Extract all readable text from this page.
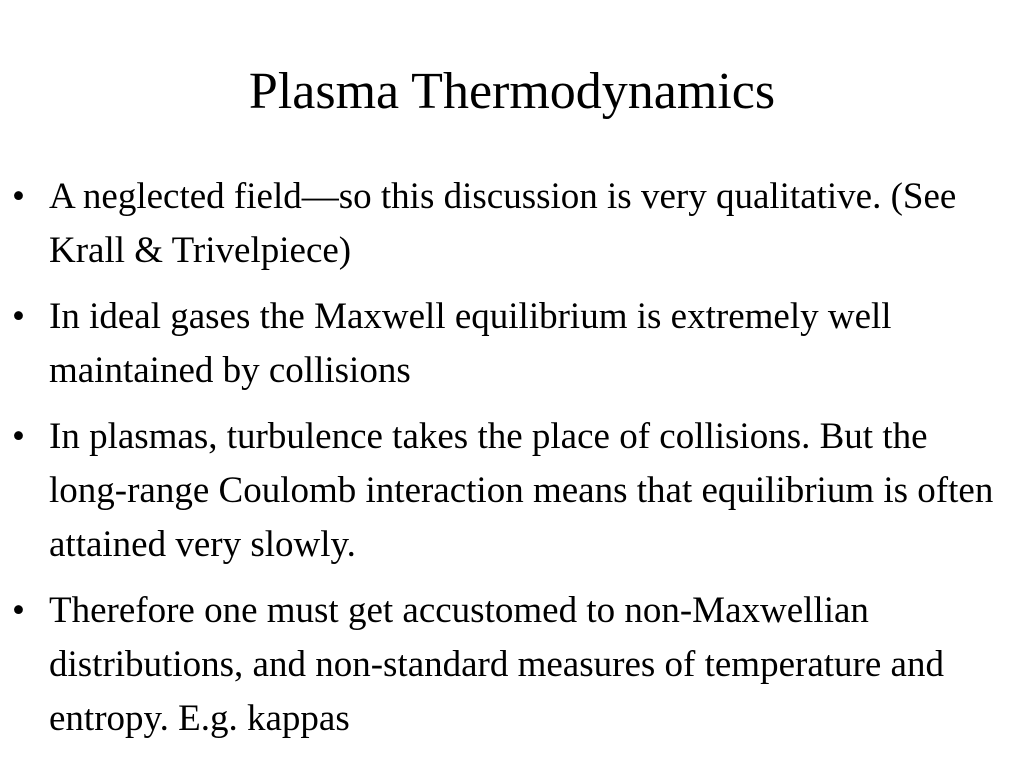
Plasma Thermodynamics
• A neglected field—so this discussion is very qualitative. (See Krall & Trivelpiece)
• In ideal gases the Maxwell equilibrium is extremely well maintained by collisions
• In plasmas, turbulence takes the place of collisions. But the long-range Coulomb interaction means that equilibrium is often attained very slowly.
• Therefore one must get accustomed to non-Maxwellian distributions, and non-standard measures of temperature and entropy. E.g. kappas
